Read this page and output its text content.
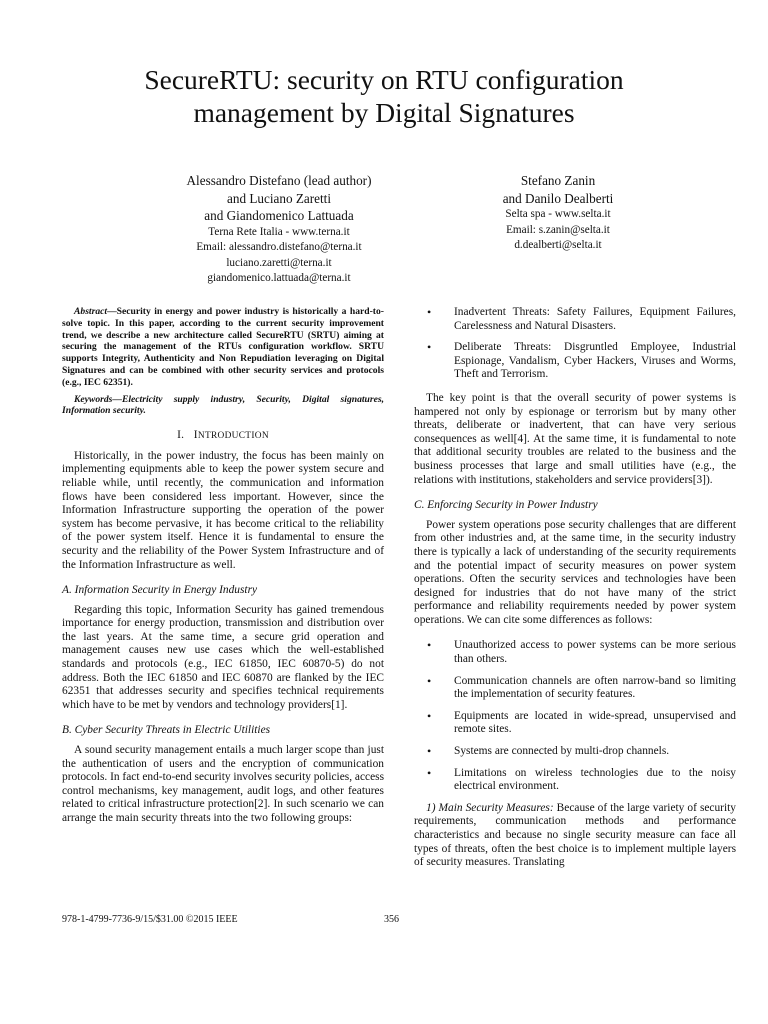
SecureRTU: security on RTU configuration
management by Digital Signatures
Alessandro Distefano (lead author)
and Luciano Zaretti
and Giandomenico Lattuada
Terna Rete Italia - www.terna.it
Email: alessandro.distefano@terna.it
luciano.zaretti@terna.it
giandomenico.lattuada@terna.it
Stefano Zanin
and Danilo Dealberti
Selta spa - www.selta.it
Email: s.zanin@selta.it
d.dealberti@selta.it

Abstract—Security in energy and power industry is historically a hard-to-solve topic. In this paper, according to the current security improvement trend, we describe a new architecture called SecureRTU (SRTU) aiming at securing the management of the RTUs configuration workflow. SRTU supports Integrity, Authenticity and Non Repudiation leveraging on Digital Signatures and can be combined with other security services and protocols (e.g., IEC 62351).

Keywords—Electricity supply industry, Security, Digital signatures, Information security.

I. INTRODUCTION

Historically, in the power industry, the focus has been mainly on implementing equipments able to keep the power system secure and reliable while, until recently, the communication and information flows have been considered less important. However, since the Information Infrastructure supporting the operation of the power system has become pervasive, it has become critical to the reliability of the power system itself. Hence it is fundamental to ensure the security and the reliability of the Power System Infrastructure and of the Information Infrastructure as well.

A. Information Security in Energy Industry

Regarding this topic, Information Security has gained tremendous importance for energy production, transmission and distribution over the last years. At the same time, a secure grid operation and management causes new use cases which the well-established standards and protocols (e.g., IEC 61850, IEC 60870-5) do not address. Both the IEC 61850 and IEC 60870 are flanked by the IEC 62351 that addresses security and specifies technical requirements which have to be met by vendors and technology providers[1].

B. Cyber Security Threats in Electric Utilities

A sound security management entails a much larger scope than just the authentication of users and the encryption of communication protocols. In fact end-to-end security involves security policies, access control mechanisms, key management, audit logs, and other features related to critical infrastructure protection[2]. In such scenario we can arrange the main security threats into the two following groups:

• Inadvertent Threats: Safety Failures, Equipment Failures, Carelessness and Natural Disasters.
• Deliberate Threats: Disgruntled Employee, Industrial Espionage, Vandalism, Cyber Hackers, Viruses and Worms, Theft and Terrorism.

The key point is that the overall security of power systems is hampered not only by espionage or terrorism but by many other threats, deliberate or inadvertent, that can have very serious consequences as well[4]. At the same time, it is fundamental to note that additional security troubles are related to the business and the business processes that large and small utilities have (e.g., the relations with institutions, stakeholders and service providers[3]).

C. Enforcing Security in Power Industry

Power system operations pose security challenges that are different from other industries and, at the same time, in the security industry there is typically a lack of understanding of the security requirements and the potential impact of security measures on power system operations. Often the security services and technologies have been designed for industries that do not have many of the strict performance and reliability requirements needed by power system operations. We can cite some differences as follows:

• Unauthorized access to power systems can be more serious than others.
• Communication channels are often narrow-band so limiting the implementation of security features.
• Equipments are located in wide-spread, unsupervised and remote sites.
• Systems are connected by multi-drop channels.
• Limitations on wireless technologies due to the noisy electrical environment.

1) Main Security Measures: Because of the large variety of security requirements, communication methods and performance characteristics and because no single security measure can face all types of threats, often the best choice is to implement multiple layers of security measures. Translating

978-1-4799-7736-9/15/$31.00 ©2015 IEEE	356
